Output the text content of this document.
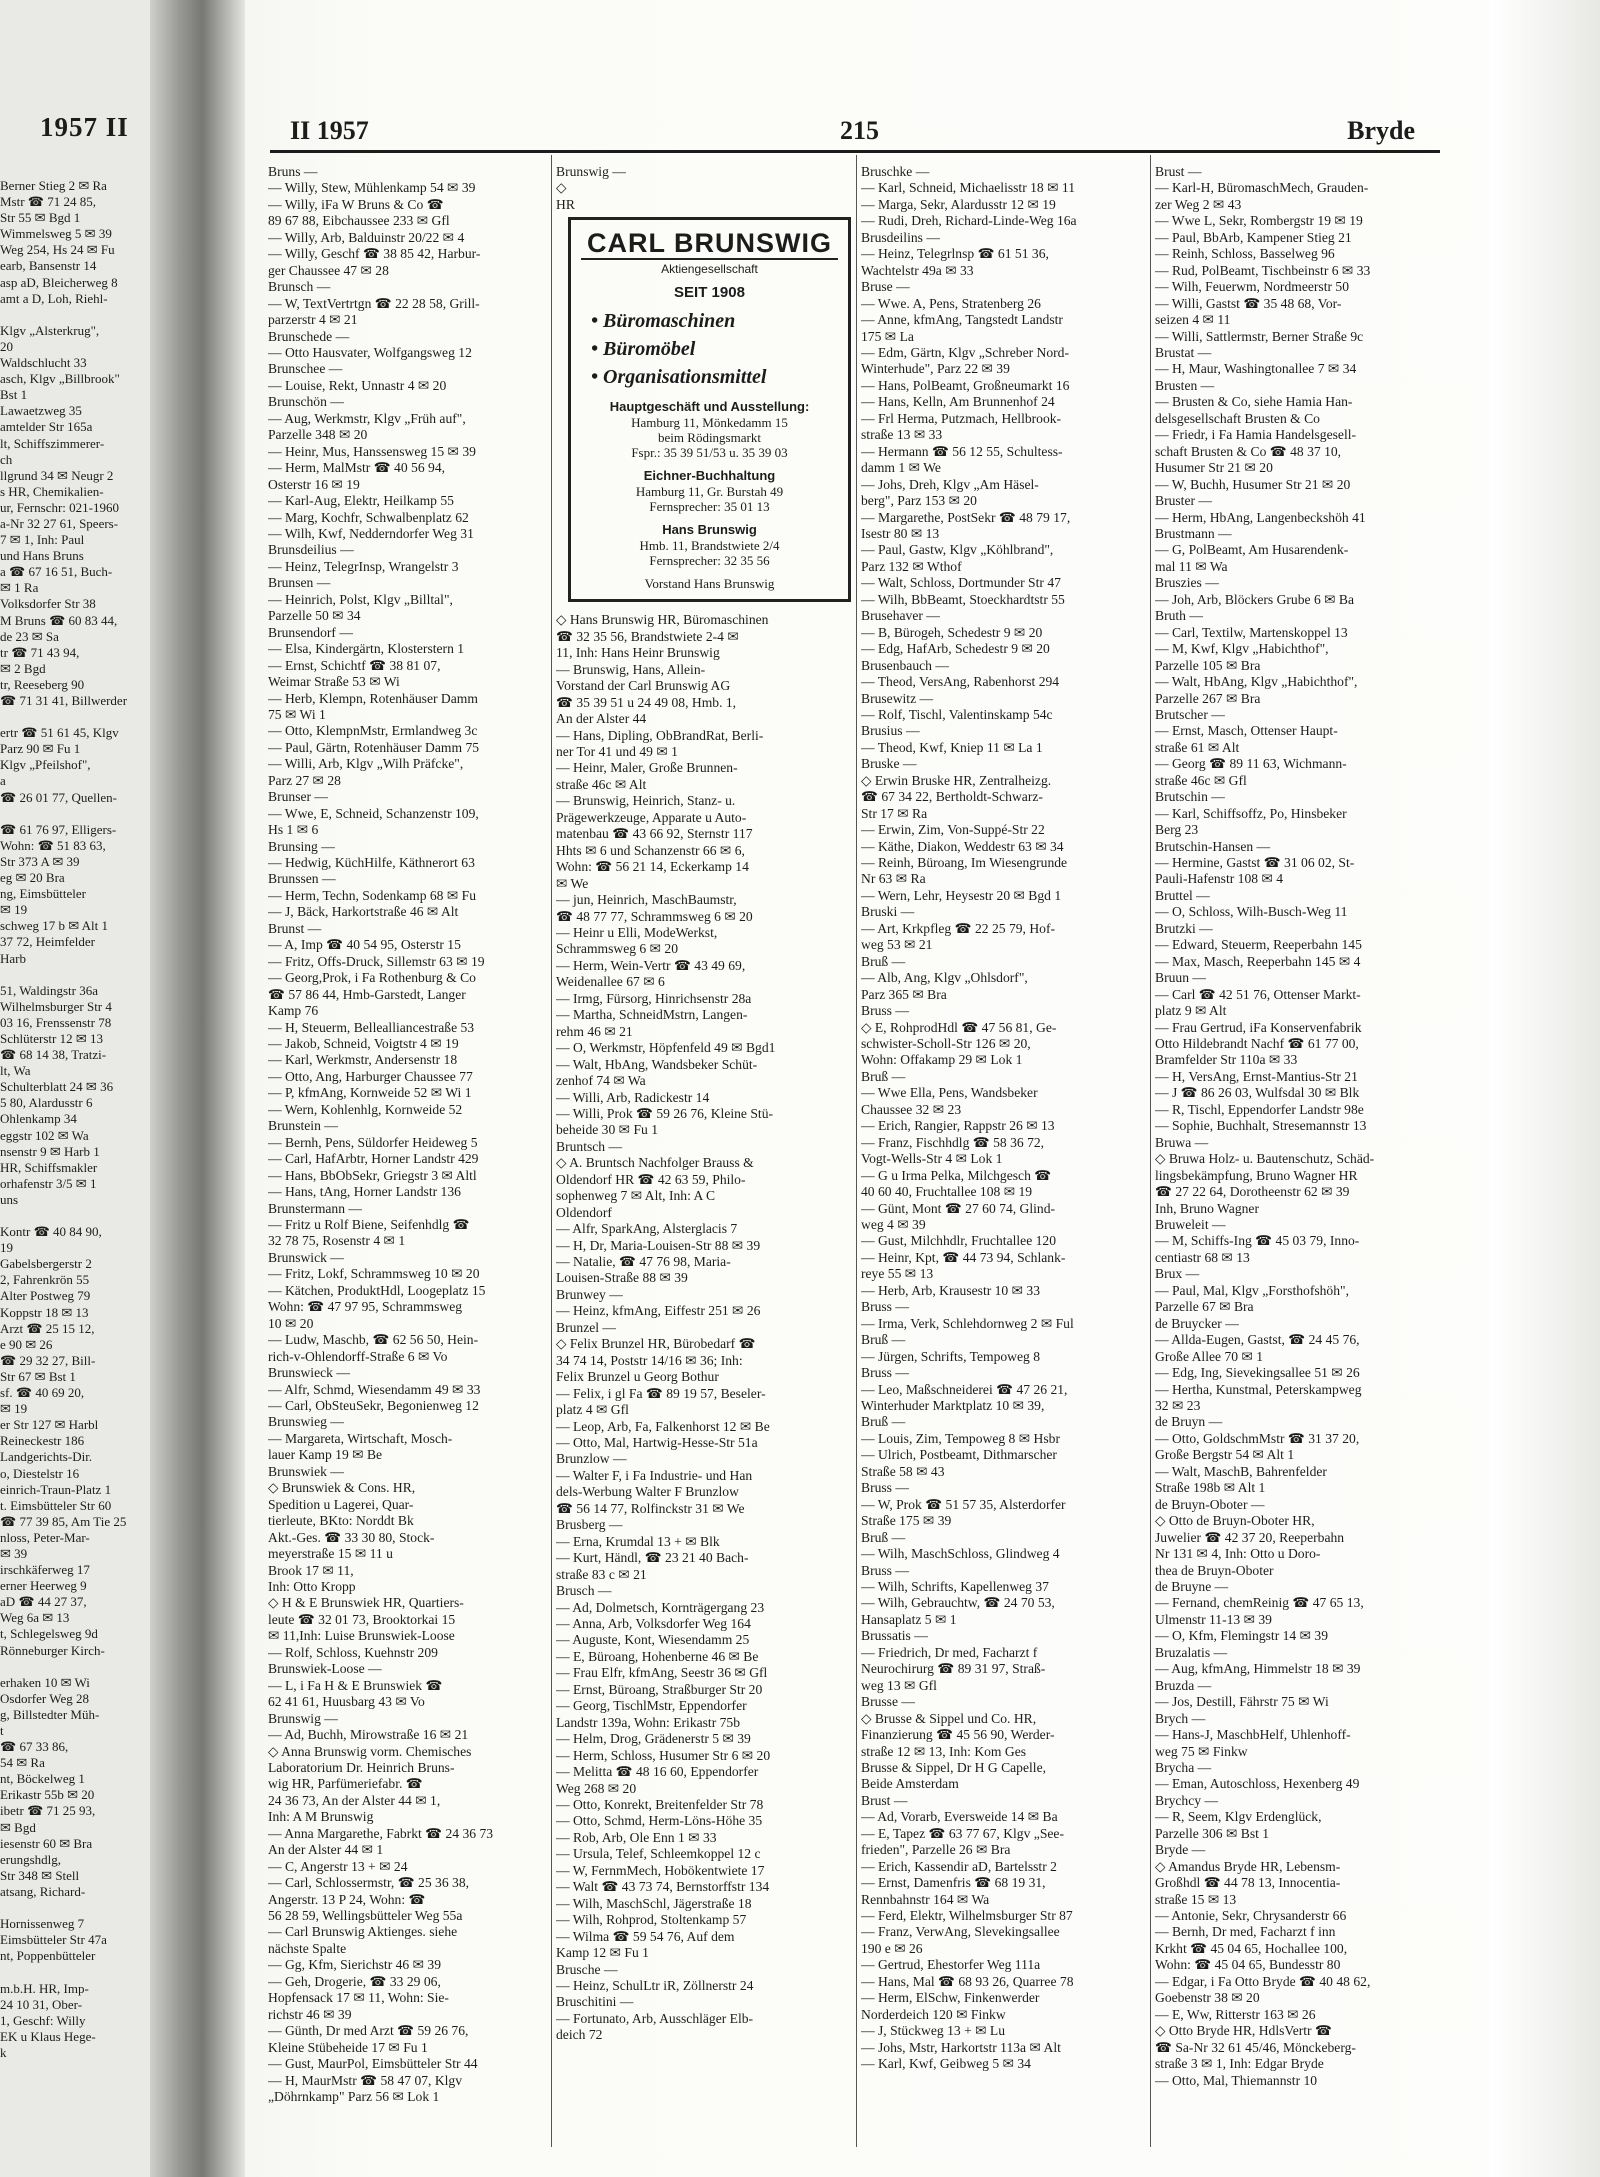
1957 II
Berner Stieg 2 ✉ Ra
Mstr ☎ 71 24 85,
Str 55 ✉ Bgd 1
Wimmelsweg 5 ✉ 39
Weg 254, Hs 24 ✉ Fu
earb, Bansenstr 14
asp aD, Bleicherweg 8
amt a D, Loh, Riehl-

Klgv „Alsterkrug",
20
Waldschlucht 33
asch, Klgv „Billbrook"
Bst 1
Lawaetzweg 35
amtelder Str 165a
lt, Schiffszimmerer-
ch
llgrund 34 ✉ Neugr 2
s HR, Chemikalien-
ur, Fernschr: 021-1960
a-Nr 32 27 61, Speers-
7 ✉ 1, Inh: Paul
und Hans Bruns
a ☎ 67 16 51, Buch-
✉ 1 Ra
Volksdorfer Str 38
M Bruns ☎ 60 83 44,
de 23 ✉ Sa
tr ☎ 71 43 94,
✉ 2 Bgd
tr, Reeseberg 90
☎ 71 31 41, Billwerder

ertr ☎ 51 61 45, Klgv
Parz 90 ✉ Fu 1
Klgv „Pfeilshof",
a
☎ 26 01 77, Quellen-

☎ 61 76 97, Elligers-
Wohn: ☎ 51 83 63,
Str 373 A ✉ 39
eg ✉ 20 Bra
ng, Eimsbütteler
✉ 19
schweg 17 b ✉ Alt 1
37 72, Heimfelder
Harb

51, Waldingstr 36a
Wilhelmsburger Str 4
03 16, Frenssenstr 78
Schlüterstr 12 ✉ 13
☎ 68 14 38, Tratzi-
lt, Wa
Schulterblatt 24 ✉ 36
5 80, Alardusstr 6
Ohlenkamp 34
eggstr 102 ✉ Wa
nsenstr 9 ✉ Harb 1
HR, Schiffsmakler
orhafenstr 3/5 ✉ 1
uns

Kontr ☎ 40 84 90,
19
Gabelsbergerstr 2
2, Fahrenkrön 55
Alter Postweg 79
Koppstr 18 ✉ 13
Arzt ☎ 25 15 12,
e 90 ✉ 26
☎ 29 32 27, Bill-
Str 67 ✉ Bst 1
sf. ☎ 40 69 20,
✉ 19
er Str 127 ✉ Harbl
Reineckestr 186
Landgerichts-Dir.
o, Diestelstr 16
einrich-Traun-Platz 1
t. Eimsbütteler Str 60
☎ 77 39 85, Am Tie 25
nloss, Peter-Mar-
✉ 39
irschkäferweg 17
erner Heerweg 9
aD ☎ 44 27 37,
Weg 6a ✉ 13
t, Schlegelsweg 9d
Rönneburger Kirch-

erhaken 10 ✉ Wi
Osdorfer Weg 28
g, Billstedter Müh-
t
☎ 67 33 86,
54 ✉ Ra
nt, Böckelweg 1
Erikastr 55b ✉ 20
ibetr ☎ 71 25 93,
✉ Bgd
iesenstr 60 ✉ Bra
erungshdlg,
Str 348 ✉ Stell
atsang, Richard-

Hornissenweg 7
Eimsbütteler Str 47a
nt, Poppenbütteler

m.b.H. HR, Imp-
24 10 31, Ober-
1, Geschf: Willy
EK u Klaus Hege-
k
II 1957	215	Bryde
Bruns —
— Willy, Stew, Mühlenkamp 54 ✉ 39
— Willy, iFa W Bruns & Co ☎
89 67 88, Eibchaussee 233 ✉ Gfl
— Willy, Arb, Balduinstr 20/22 ✉ 4
— Willy, Geschf ☎ 38 85 42, Harbur-
ger Chaussee 47 ✉ 28
Brunsch —
— W, TextVertrtgn ☎ 22 28 58, Grill-
parzerstr 4 ✉ 21
Brunschede —
— Otto Hausvater, Wolfgangsweg 12
Brunschee —
— Louise, Rekt, Unnastr 4 ✉ 20
Brunschön —
— Aug, Werkmstr, Klgv „Früh auf",
Parzelle 348 ✉ 20
— Heinr, Mus, Hanssensweg 15 ✉ 39
— Herm, MalMstr ☎ 40 56 94,
Osterstr 16 ✉ 19
— Karl-Aug, Elektr, Heilkamp 55
— Marg, Kochfr, Schwalbenplatz 62
— Wilh, Kwf, Nedderndorfer Weg 31
Brunsdeilius —
— Heinz, TelegrInsp, Wrangelstr 3
Brunsen —
— Heinrich, Polst, Klgv „Billtal",
Parzelle 50 ✉ 34
Brunsendorf —
— Elsa, Kindergärtn, Klosterstern 1
— Ernst, Schichtf ☎ 38 81 07,
Weimar Straße 53 ✉ Wi
— Herb, Klempn, Rotenhäuser Damm
75 ✉ Wi 1
— Otto, KlempnMstr, Ermlandweg 3c
— Paul, Gärtn, Rotenhäuser Damm 75
— Willi, Arb, Klgv „Wilh Präfcke",
Parz 27 ✉ 28
Brunser —
— Wwe, E, Schneid, Schanzenstr 109,
Hs 1 ✉ 6
Brunsing —
— Hedwig, KüchHilfe, Käthnerort 63
Brunssen —
— Herm, Techn, Sodenkamp 68 ✉ Fu
— J, Bäck, Harkortstraße 46 ✉ Alt
Brunst —
— A, Imp ☎ 40 54 95, Osterstr 15
— Fritz, Offs-Druck, Sillemstr 63 ✉ 19
— Georg,Prok, i Fa Rothenburg & Co
☎ 57 86 44, Hmb-Garstedt, Langer
Kamp 76
— H, Steuerm, Bellealliancestraße 53
— Jakob, Schneid, Voigtstr 4 ✉ 19
— Karl, Werkmstr, Andersenstr 18
— Otto, Ang, Harburger Chaussee 77
— P, kfmAng, Kornweide 52 ✉ Wi 1
— Wern, Kohlenhlg, Kornweide 52
Brunstein —
— Bernh, Pens, Süldorfer Heideweg 5
— Carl, HafArbtr, Horner Landstr 429
— Hans, BbObSekr, Griegstr 3 ✉ Altl
— Hans, tAng, Horner Landstr 136
Brunstermann —
— Fritz u Rolf Biene, Seifenhdlg ☎
32 78 75, Rosenstr 4 ✉ 1
Brunswick —
— Fritz, Lokf, Schrammsweg 10 ✉ 20
— Kätchen, ProduktHdl, Loogeplatz 15
Wohn: ☎ 47 97 95, Schrammsweg
10 ✉ 20
— Ludw, Maschb, ☎ 62 56 50, Hein-
rich-v-Ohlendorff-Straße 6 ✉ Vo
Brunswieck —
— Alfr, Schmd, Wiesendamm 49 ✉ 33
— Carl, ObSteuSekr, Begonienweg 12
Brunswieg —
— Margareta, Wirtschaft, Mosch-
lauer Kamp 19 ✉ Be
Brunswiek —
◇ Brunswiek & Cons. HR,
Spedition u Lagerei, Quar-
tierleute, BKto: Norddt Bk
Akt.-Ges. ☎ 33 30 80, Stock-
meyerstraße 15 ✉ 11 u
Brook 17 ✉ 11,
Inh: Otto Kropp
◇ H & E Brunswiek HR, Quartiers-
leute ☎ 32 01 73, Brooktorkai 15
✉ 11,Inh: Luise Brunswiek-Loose
— Rolf, Schloss, Kuehnstr 209
Brunswiek-Loose —
— L, i Fa H & E Brunswiek ☎
62 41 61, Huusbarg 43 ✉ Vo
Brunswig —
— Ad, Buchh, Mirowstraße 16 ✉ 21
◇ Anna Brunswig vorm. Chemisches
Laboratorium Dr. Heinrich Bruns-
wig HR, Parfümeriefabr. ☎
24 36 73, An der Alster 44 ✉ 1,
Inh: A M Brunswig
— Anna Margarethe, Fabrkt ☎ 24 36 73
An der Alster 44 ✉ 1
— C, Angerstr 13 + ✉ 24
— Carl, Schlossermstr, ☎ 25 36 38,
Angerstr. 13 P 24, Wohn: ☎
56 28 59, Wellingsbütteler Weg 55a
— Carl Brunswig Aktienges. siehe
nächste Spalte
— Gg, Kfm, Sierichstr 46 ✉ 39
— Geh, Drogerie, ☎ 33 29 06,
Hopfensack 17 ✉ 11, Wohn: Sie-
richstr 46 ✉ 39
— Günth, Dr med Arzt ☎ 59 26 76,
Kleine Stübeheide 17 ✉ Fu 1
— Gust, MaurPol, Eimsbütteler Str 44
— H, MaurMstr ☎ 58 47 07, Klgv
„Döhrnkamp" Parz 56 ✉ Lok 1
Brunswig —
◇
HR
CARL BRUNSWIG
Aktiengesellschaft
SEIT 1908
• Büromaschinen
• Büromöbel
• Organisationsmittel
Hauptgeschäft und Ausstellung:
Hamburg 11, Mönkedamm 15
beim Rödingsmarkt
Fspr.: 35 39 51/53 u. 35 39 03
Eichner-Buchhaltung
Hamburg 11, Gr. Burstah 49
Fernsprecher: 35 01 13
Hans Brunswig
Hmb. 11, Brandstwiete 2/4
Fernsprecher: 32 35 56
Vorstand Hans Brunswig
◇ Hans Brunswig HR, Büromaschinen
☎ 32 35 56, Brandstwiete 2-4 ✉
11, Inh: Hans Heinr Brunswig
— Brunswig, Hans, Allein-
Vorstand der Carl Brunswig AG
☎ 35 39 51 u 24 49 08, Hmb. 1,
An der Alster 44
— Hans, Dipling, ObBrandRat, Berli-
ner Tor 41 und 49 ✉ 1
— Heinr, Maler, Große Brunnen-
straße 46c ✉ Alt
— Brunswig, Heinrich, Stanz- u.
Prägewerkzeuge, Apparate u Auto-
matenbau ☎ 43 66 92, Sternstr 117
Hhts ✉ 6 und Schanzenstr 66 ✉ 6,
Wohn: ☎ 56 21 14, Eckerkamp 14
✉ We
— jun, Heinrich, MaschBaumstr,
☎ 48 77 77, Schrammsweg 6 ✉ 20
— Heinr u Elli, ModeWerkst,
Schrammsweg 6 ✉ 20
— Herm, Wein-Vertr ☎ 43 49 69,
Weidenallee 67 ✉ 6
— Irmg, Fürsorg, Hinrichsenstr 28a
— Martha, SchneidMstrn, Langen-
rehm 46 ✉ 21
— O, Werkmstr, Höpfenfeld 49 ✉ Bgd1
— Walt, HbAng, Wandsbeker Schüt-
zenhof 74 ✉ Wa
— Willi, Arb, Radickestr 14
— Willi, Prok ☎ 59 26 76, Kleine Stü-
beheide 30 ✉ Fu 1
Bruntsch —
◇ A. Bruntsch Nachfolger Brauss &
Oldendorf HR ☎ 42 63 59, Philo-
sophenweg 7 ✉ Alt, Inh: A C
Oldendorf
— Alfr, SparkAng, Alsterglacis 7
— H, Dr, Maria-Louisen-Str 88 ✉ 39
— Natalie, ☎ 47 76 98, Maria-
Louisen-Straße 88 ✉ 39
Brunwey —
— Heinz, kfmAng, Eiffestr 251 ✉ 26
Brunzel —
◇ Felix Brunzel HR, Bürobedarf ☎
34 74 14, Poststr 14/16 ✉ 36; Inh:
Felix Brunzel u Georg Bothur
— Felix, i gl Fa ☎ 89 19 57, Beseler-
platz 4 ✉ Gfl
— Leop, Arb, Fa, Falkenhorst 12 ✉ Be
— Otto, Mal, Hartwig-Hesse-Str 51a
Brunzlow —
— Walter F, i Fa Industrie- und Han
dels-Werbung Walter F Brunzlow
☎ 56 14 77, Rolfinckstr 31 ✉ We
Brusberg —
— Erna, Krumdal 13 + ✉ Blk
— Kurt, Händl, ☎ 23 21 40 Bach-
straße 83 c ✉ 21
Brusch —
— Ad, Dolmetsch, Kornträgergang 23
— Anna, Arb, Volksdorfer Weg 164
— Auguste, Kont, Wiesendamm 25
— E, Büroang, Hohenberne 46 ✉ Be
— Frau Elfr, kfmAng, Seestr 36 ✉ Gfl
— Ernst, Büroang, Straßburger Str 20
— Georg, TischlMstr, Eppendorfer
Landstr 139a, Wohn: Erikastr 75b
— Helm, Drog, Grädenerstr 5 ✉ 39
— Herm, Schloss, Husumer Str 6 ✉ 20
— Melitta ☎ 48 16 60, Eppendorfer
Weg 268 ✉ 20
— Otto, Konrekt, Breitenfelder Str 78
— Otto, Schmd, Herm-Löns-Höhe 35
— Rob, Arb, Ole Enn 1 ✉ 33
— Ursula, Telef, Schleemkoppel 12 c
— W, FernmMech, Hobökentwiete 17
— Walt ☎ 43 73 74, Bernstorffstr 134
— Wilh, MaschSchl, Jägerstraße 18
— Wilh, Rohprod, Stoltenkamp 57
— Wilma ☎ 59 54 76, Auf dem
Kamp 12 ✉ Fu 1
Brusche —
— Heinz, SchulLtr iR, Zöllnerstr 24
Bruschitini —
— Fortunato, Arb, Ausschläger Elb-
deich 72
Bruschke —
— Karl, Schneid, Michaelisstr 18 ✉ 11
— Marga, Sekr, Alardusstr 12 ✉ 19
— Rudi, Dreh, Richard-Linde-Weg 16a
Brusdeilins —
— Heinz, Telegrlnsp ☎ 61 51 36,
Wachtelstr 49a ✉ 33
Bruse —
— Wwe. A, Pens, Stratenberg 26
— Anne, kfmAng, Tangstedt Landstr
175 ✉ La
— Edm, Gärtn, Klgv „Schreber Nord-
Winterhude", Parz 22 ✉ 39
— Hans, PolBeamt, Großneumarkt 16
— Hans, Kelln, Am Brunnenhof 24
— Frl Herma, Putzmach, Hellbrook-
straße 13 ✉ 33
— Hermann ☎ 56 12 55, Schultess-
damm 1 ✉ We
— Johs, Dreh, Klgv „Am Häsel-
berg", Parz 153 ✉ 20
— Margarethe, PostSekr ☎ 48 79 17,
Isestr 80 ✉ 13
— Paul, Gastw, Klgv „Köhlbrand",
Parz 132 ✉ Wthof
— Walt, Schloss, Dortmunder Str 47
— Wilh, BbBeamt, Stoeckhardtstr 55
Brusehaver —
— B, Bürogeh, Schedestr 9 ✉ 20
— Edg, HafArb, Schedestr 9 ✉ 20
Brusenbauch —
— Theod, VersAng, Rabenhorst 294
Brusewitz —
— Rolf, Tischl, Valentinskamp 54c
Brusius —
— Theod, Kwf, Kniep 11 ✉ La 1
Bruske —
◇ Erwin Bruske HR, Zentralheizg.
☎ 67 34 22, Bertholdt-Schwarz-
Str 17 ✉ Ra
— Erwin, Zim, Von-Suppé-Str 22
— Käthe, Diakon, Weddestr 63 ✉ 34
— Reinh, Büroang, Im Wiesengrunde
Nr 63 ✉ Ra
— Wern, Lehr, Heysestr 20 ✉ Bgd 1
Bruski —
— Art, Krkpfleg ☎ 22 25 79, Hof-
weg 53 ✉ 21
Bruß —
— Alb, Ang, Klgv „Ohlsdorf",
Parz 365 ✉ Bra
Bruss —
◇ E, RohprodHdl ☎ 47 56 81, Ge-
schwister-Scholl-Str 126 ✉ 20,
Wohn: Offakamp 29 ✉ Lok 1
Bruß —
— Wwe Ella, Pens, Wandsbeker
Chaussee 32 ✉ 23
— Erich, Rangier, Rappstr 26 ✉ 13
— Franz, Fischhdlg ☎ 58 36 72,
Vogt-Wells-Str 4 ✉ Lok 1
— G u Irma Pelka, Milchgesch ☎
40 60 40, Fruchtallee 108 ✉ 19
— Günt, Mont ☎ 27 60 74, Glind-
weg 4 ✉ 39
— Gust, Milchhdlr, Fruchtallee 120
— Heinr, Kpt, ☎ 44 73 94, Schlank-
reye 55 ✉ 13
— Herb, Arb, Krausestr 10 ✉ 33
Bruss —
— Irma, Verk, Schlehdornweg 2 ✉ Ful
Bruß —
— Jürgen, Schrifts, Tempoweg 8
Bruss —
— Leo, Maßschneiderei ☎ 47 26 21,
Winterhuder Marktplatz 10 ✉ 39,
Bruß —
— Louis, Zim, Tempoweg 8 ✉ Hsbr
— Ulrich, Postbeamt, Dithmarscher
Straße 58 ✉ 43
Bruss —
— W, Prok ☎ 51 57 35, Alsterdorfer
Straße 175 ✉ 39
Bruß —
— Wilh, MaschSchloss, Glindweg 4
Bruss —
— Wilh, Schrifts, Kapellenweg 37
— Wilh, Gebrauchtw, ☎ 24 70 53,
Hansaplatz 5 ✉ 1
Brussatis —
— Friedrich, Dr med, Facharzt f
Neurochirurg ☎ 89 31 97, Straß-
weg 13 ✉ Gfl
Brusse —
◇ Brusse & Sippel und Co. HR,
Finanzierung ☎ 45 56 90, Werder-
straße 12 ✉ 13, Inh: Kom Ges
Brusse & Sippel, Dr H G Capelle,
Beide Amsterdam
Brust —
— Ad, Vorarb, Eversweide 14 ✉ Ba
— E, Tapez ☎ 63 77 67, Klgv „See-
frieden", Parzelle 26 ✉ Bra
— Erich, Kassendir aD, Bartelsstr 2
— Ernst, Damenfris ☎ 68 19 31,
Rennbahnstr 164 ✉ Wa
— Ferd, Elektr, Wilhelmsburger Str 87
— Franz, VerwAng, Slevekingsallee
190 e ✉ 26
— Gertrud, Ehestorfer Weg 111a
— Hans, Mal ☎ 68 93 26, Quarree 78
— Herm, ElSchw, Finkenwerder
Norderdeich 120 ✉ Finkw
— J, Stückweg 13 + ✉ Lu
— Johs, Mstr, Harkortstr 113a ✉ Alt
— Karl, Kwf, Geibweg 5 ✉ 34
Brust —
— Karl-H, BüromaschMech, Grauden-
zer Weg 2 ✉ 43
— Wwe L, Sekr, Rombergstr 19 ✉ 19
— Paul, BbArb, Kampener Stieg 21
— Reinh, Schloss, Basselweg 96
— Rud, PolBeamt, Tischbeinstr 6 ✉ 33
— Wilh, Feuerwm, Nordmeerstr 50
— Willi, Gastst ☎ 35 48 68, Vor-
seizen 4 ✉ 11
— Willi, Sattlermstr, Berner Straße 9c
Brustat —
— H, Maur, Washingtonallee 7 ✉ 34
Brusten —
— Brusten & Co, siehe Hamia Han-
delsgesellschaft Brusten & Co
— Friedr, i Fa Hamia Handelsgesell-
schaft Brusten & Co ☎ 48 37 10,
Husumer Str 21 ✉ 20
— W, Buchh, Husumer Str 21 ✉ 20
Bruster —
— Herm, HbAng, Langenbeckshöh 41
Brustmann —
— G, PolBeamt, Am Husarendenk-
mal 11 ✉ Wa
Bruszies —
— Joh, Arb, Blöckers Grube 6 ✉ Ba
Bruth —
— Carl, Textilw, Martenskoppel 13
— M, Kwf, Klgv „Habichthof",
Parzelle 105 ✉ Bra
— Walt, HbAng, Klgv „Habichthof",
Parzelle 267 ✉ Bra
Brutscher —
— Ernst, Masch, Ottenser Haupt-
straße 61 ✉ Alt
— Georg ☎ 89 11 63, Wichmann-
straße 46c ✉ Gfl
Brutschin —
— Karl, Schiffsoffz, Po, Hinsbeker
Berg 23
Brutschin-Hansen —
— Hermine, Gastst ☎ 31 06 02, St-
Pauli-Hafenstr 108 ✉ 4
Bruttel —
— O, Schloss, Wilh-Busch-Weg 11
Brutzki —
— Edward, Steuerm, Reeperbahn 145
— Max, Masch, Reeperbahn 145 ✉ 4
Bruun —
— Carl ☎ 42 51 76, Ottenser Markt-
platz 9 ✉ Alt
— Frau Gertrud, iFa Konservenfabrik
Otto Hildebrandt Nachf ☎ 61 77 00,
Bramfelder Str 110a ✉ 33
— H, VersAng, Ernst-Mantius-Str 21
— J ☎ 86 26 03, Wulfsdal 30 ✉ Blk
— R, Tischl, Eppendorfer Landstr 98e
— Sophie, Buchhalt, Stresemannstr 13
Bruwa —
◇ Bruwa Holz- u. Bautenschutz, Schäd-
lingsbekämpfung, Bruno Wagner HR
☎ 27 22 64, Dorotheenstr 62 ✉ 39
Inh, Bruno Wagner
Bruweleit —
— M, Schiffs-Ing ☎ 45 03 79, Inno-
centiastr 68 ✉ 13
Brux —
— Paul, Mal, Klgv „Forsthofshöh",
Parzelle 67 ✉ Bra
de Bruycker —
— Allda-Eugen, Gastst, ☎ 24 45 76,
Große Allee 70 ✉ 1
— Edg, Ing, Sievekingsallee 51 ✉ 26
— Hertha, Kunstmal, Peterskampweg
32 ✉ 23
de Bruyn —
— Otto, GoldschmMstr ☎ 31 37 20,
Große Bergstr 54 ✉ Alt 1
— Walt, MaschB, Bahrenfelder
Straße 198b ✉ Alt 1
de Bruyn-Oboter —
◇ Otto de Bruyn-Oboter HR,
Juwelier ☎ 42 37 20, Reeperbahn
Nr 131 ✉ 4, Inh: Otto u Doro-
thea de Bruyn-Oboter
de Bruyne —
— Fernand, chemReinig ☎ 47 65 13,
Ulmenstr 11-13 ✉ 39
— O, Kfm, Flemingstr 14 ✉ 39
Bruzalatis —
— Aug, kfmAng, Himmelstr 18 ✉ 39
Bruzda —
— Jos, Destill, Fährstr 75 ✉ Wi
Brych —
— Hans-J, MaschbHelf, Uhlenhoff-
weg 75 ✉ Finkw
Brycha —
— Eman, Autoschloss, Hexenberg 49
Brychcy —
— R, Seem, Klgv Erdenglück,
Parzelle 306 ✉ Bst 1
Bryde —
◇ Amandus Bryde HR, Lebensm-
Großhdl ☎ 44 78 13, Innocentia-
straße 15 ✉ 13
— Antonie, Sekr, Chrysanderstr 66
— Bernh, Dr med, Facharzt f inn
Krkht ☎ 45 04 65, Hochallee 100,
Wohn: ☎ 45 04 65, Bundesstr 80
— Edgar, i Fa Otto Bryde ☎ 40 48 62,
Goebenstr 38 ✉ 20
— E, Ww, Ritterstr 163 ✉ 26
◇ Otto Bryde HR, HdlsVertr ☎
☎ Sa-Nr 32 61 45/46, Mönckeberg-
straße 3 ✉ 1, Inh: Edgar Bryde
— Otto, Mal, Thiemannstr 10
